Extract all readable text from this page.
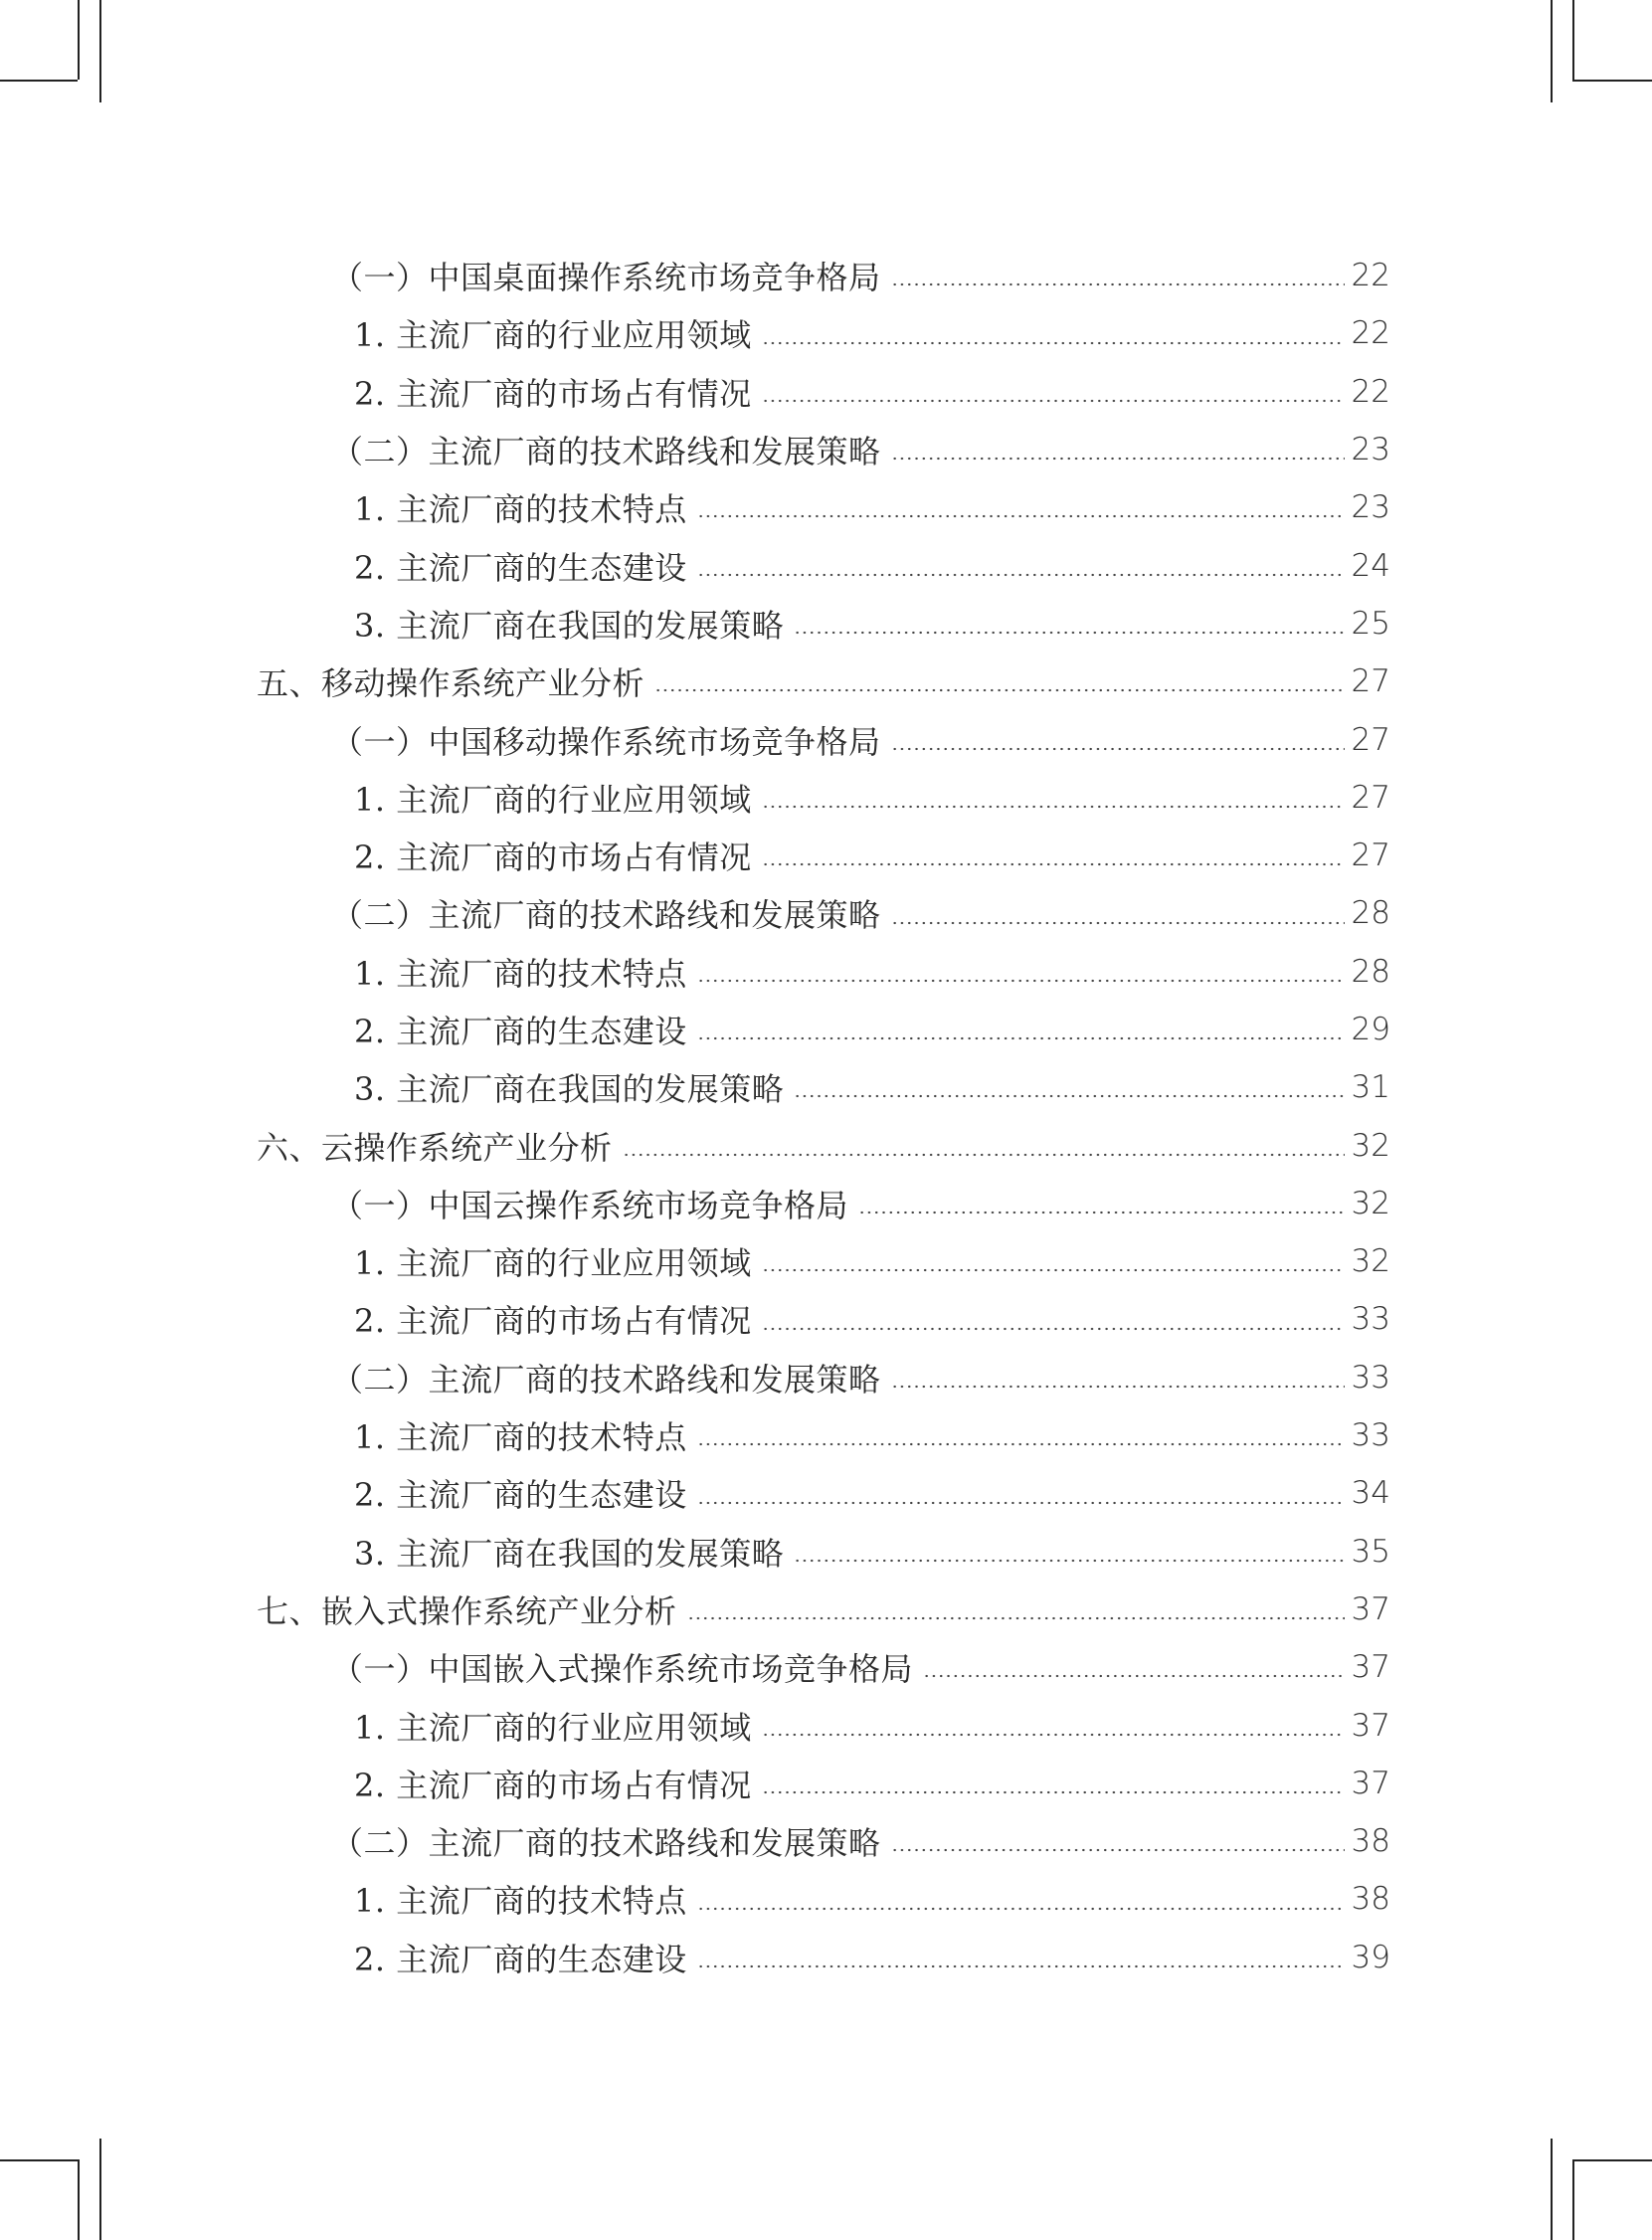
（一）中国桌面操作系统市场竞争格局	22
1. 主流厂商的行业应用领域	22
2. 主流厂商的市场占有情况	22
（二）主流厂商的技术路线和发展策略	23
1. 主流厂商的技术特点	23
2. 主流厂商的生态建设	24
3. 主流厂商在我国的发展策略	25
五、移动操作系统产业分析	27
（一）中国移动操作系统市场竞争格局	27
1. 主流厂商的行业应用领域	27
2. 主流厂商的市场占有情况	27
（二）主流厂商的技术路线和发展策略	28
1. 主流厂商的技术特点	28
2. 主流厂商的生态建设	29
3. 主流厂商在我国的发展策略	31
六、云操作系统产业分析	32
（一）中国云操作系统市场竞争格局	32
1. 主流厂商的行业应用领域	32
2. 主流厂商的市场占有情况	33
（二）主流厂商的技术路线和发展策略	33
1. 主流厂商的技术特点	33
2. 主流厂商的生态建设	34
3. 主流厂商在我国的发展策略	35
七、嵌入式操作系统产业分析	37
（一）中国嵌入式操作系统市场竞争格局	37
1. 主流厂商的行业应用领域	37
2. 主流厂商的市场占有情况	37
（二）主流厂商的技术路线和发展策略	38
1. 主流厂商的技术特点	38
2. 主流厂商的生态建设	39
